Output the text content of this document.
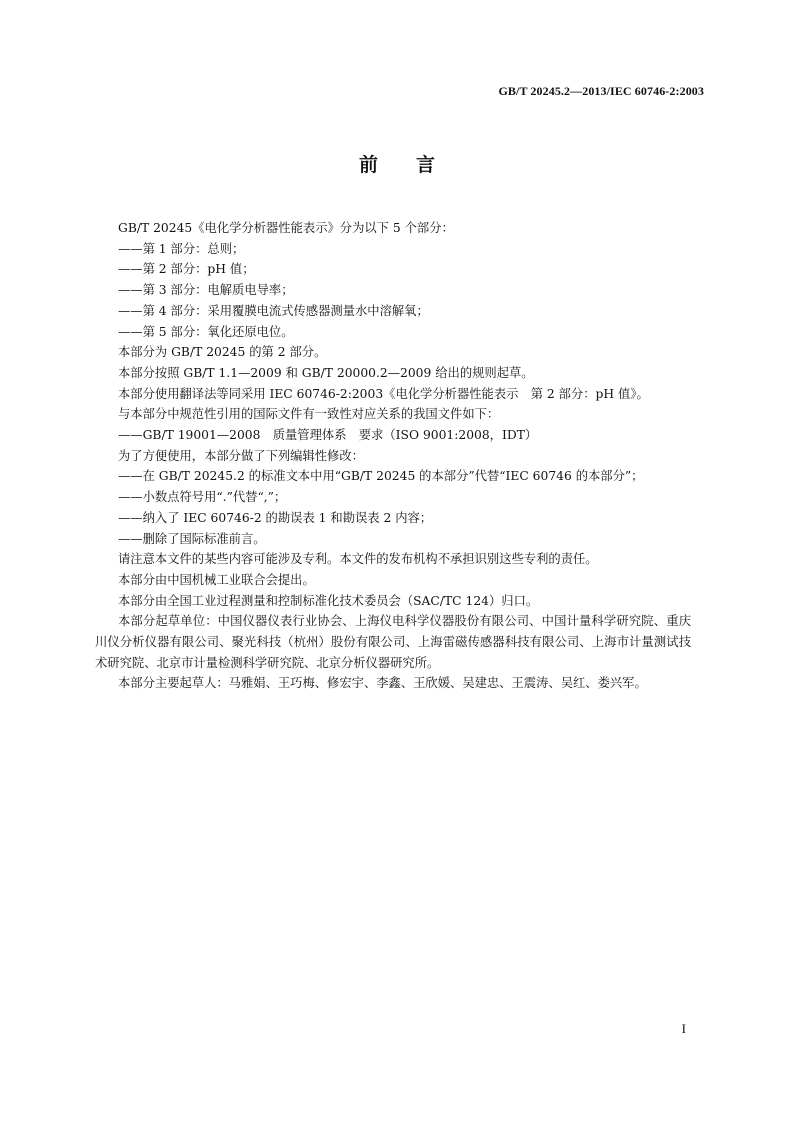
GB/T 20245.2—2013/IEC 60746-2:2003
前言

GB/T 20245《电化学分析器性能表示》分为以下 5 个部分：

——第 1 部分：总则；

——第 2 部分：pH 值；

——第 3 部分：电解质电导率；

——第 4 部分：采用覆膜电流式传感器测量水中溶解氧；

——第 5 部分：氧化还原电位。

本部分为 GB/T 20245 的第 2 部分。

本部分按照 GB/T 1.1—2009 和 GB/T 20000.2—2009 给出的规则起草。

本部分使用翻译法等同采用 IEC 60746-2:2003《电化学分析器性能表示　第 2 部分：pH 值》。

与本部分中规范性引用的国际文件有一致性对应关系的我国文件如下：

——GB/T 19001—2008　质量管理体系　要求（ISO 9001:2008，IDT）

为了方便使用，本部分做了下列编辑性修改：

——在 GB/T 20245.2 的标准文本中用“GB/T 20245 的本部分”代替“IEC 60746 的本部分”；

——小数点符号用“.”代替“,”；

——纳入了 IEC 60746-2 的勘误表 1 和勘误表 2 内容；

——删除了国际标准前言。

请注意本文件的某些内容可能涉及专利。本文件的发布机构不承担识别这些专利的责任。

本部分由中国机械工业联合会提出。

本部分由全国工业过程测量和控制标准化技术委员会（SAC/TC 124）归口。

本部分起草单位：中国仪器仪表行业协会、上海仪电科学仪器股份有限公司、中国计量科学研究院、重庆川仪分析仪器有限公司、聚光科技（杭州）股份有限公司、上海雷磁传感器科技有限公司、上海市计量测试技术研究院、北京市计量检测科学研究院、北京分析仪器研究所。

本部分主要起草人：马雅娟、王巧梅、修宏宇、李鑫、王欣媛、吴建忠、王震涛、吴红、娄兴军。

I
